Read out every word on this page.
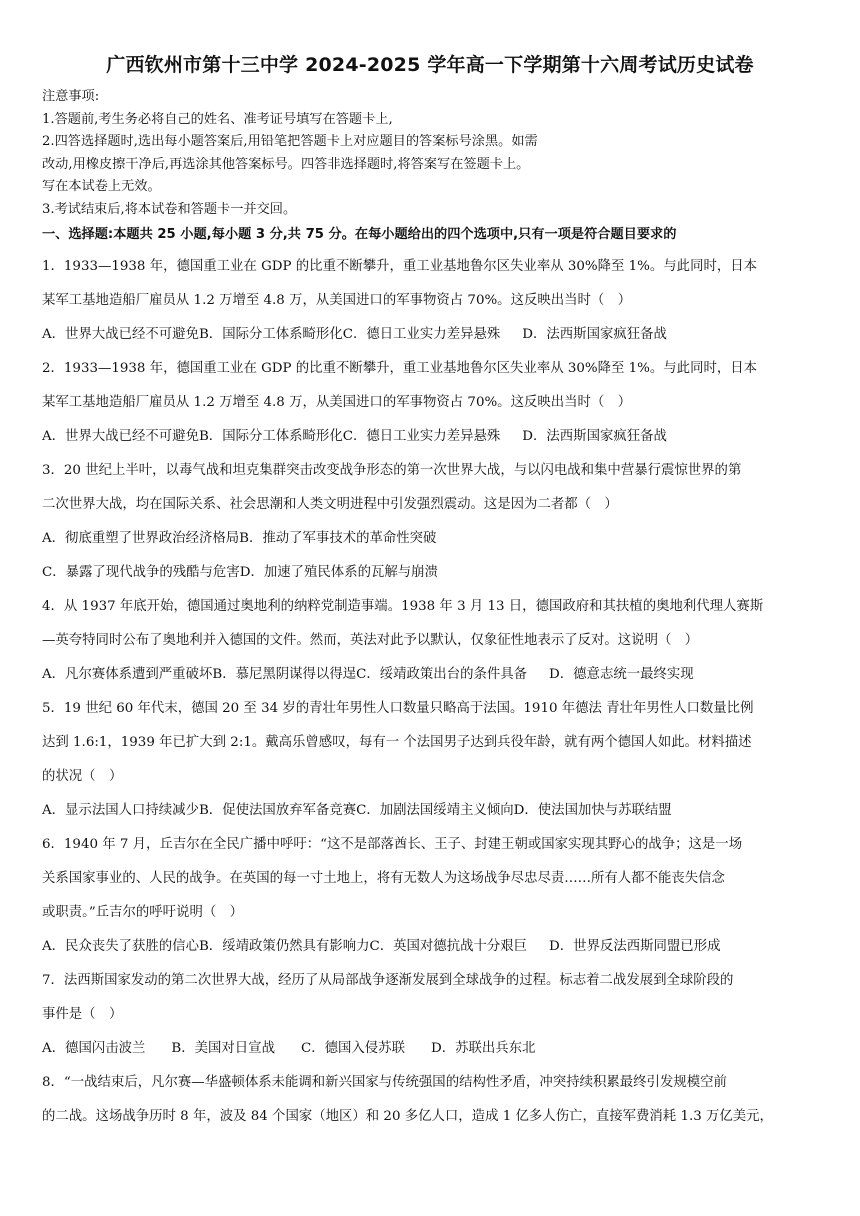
广西钦州市第十三中学 2024-2025 学年高一下学期第十六周考试历史试卷

注意事项:

1.答题前,考生务必将自己的姓名、准考证号填写在答题卡上,

2.四答选择题时,选出每小题答案后,用铅笔把答题卡上对应题目的答案标号涂黑。如需

改动,用橡皮擦干净后,再选涂其他答案标号。四答非选择题时,将答案写在签题卡上。

写在本试卷上无效。

3.考试结束后,将本试卷和答题卡一并交回。

一、选择题:本题共 25 小题,每小题 3 分,共 75 分。在每小题给出的四个选项中,只有一项是符合题目要求的

1．1933—1938 年，德国重工业在 GDP 的比重不断攀升，重工业基地鲁尔区失业率从 30%降至 1%。与此同时，日本

某军工基地造船厂雇员从 1.2 万增至 4.8 万，从美国进口的军事物资占 70%。这反映出当时（　）

A．世界大战已经不可避免B．国际分工体系畸形化C．德日工业实力差异悬殊 D．法西斯国家疯狂备战

2．1933—1938 年，德国重工业在 GDP 的比重不断攀升，重工业基地鲁尔区失业率从 30%降至 1%。与此同时，日本

某军工基地造船厂雇员从 1.2 万增至 4.8 万，从美国进口的军事物资占 70%。这反映出当时（　）

A．世界大战已经不可避免B．国际分工体系畸形化C．德日工业实力差异悬殊 D．法西斯国家疯狂备战

3．20 世纪上半叶，以毒气战和坦克集群突击改变战争形态的第一次世界大战，与以闪电战和集中营暴行震惊世界的第

二次世界大战，均在国际关系、社会思潮和人类文明进程中引发强烈震动。这是因为二者都（　）

A．彻底重塑了世界政治经济格局B．推动了军事技术的革命性突破

C．暴露了现代战争的残酷与危害D．加速了殖民体系的瓦解与崩溃

4．从 1937 年底开始，德国通过奥地利的纳粹党制造事端。1938 年 3 月 13 日，德国政府和其扶植的奥地利代理人赛斯

—英夸特同时公布了奥地利并入德国的文件。然而，英法对此予以默认，仅象征性地表示了反对。这说明（　）

A．凡尔赛体系遭到严重破坏B．慕尼黑阴谋得以得逞C．绥靖政策出台的条件具备 D．德意志统一最终实现

5．19 世纪 60 年代末，德国 20 至 34 岁的青壮年男性人口数量只略高于法国。1910 年德法 青壮年男性人口数量比例

达到 1.6:1，1939 年已扩大到 2:1。戴高乐曾感叹，每有一 个法国男子达到兵役年龄，就有两个德国人如此。材料描述

的状况（　）

A．显示法国人口持续减少B．促使法国放弃军备竞赛C．加剧法国绥靖主义倾向D．使法国加快与苏联结盟

6．1940 年 7 月，丘吉尔在全民广播中呼吁：“这不是部落酋长、王子、封建王朝或国家实现其野心的战争；这是一场

关系国家事业的、人民的战争。在英国的每一寸土地上，将有无数人为这场战争尽忠尽责……所有人都不能丧失信念

或职责。”丘吉尔的呼吁说明（　）

A．民众丧失了获胜的信心B．绥靖政策仍然具有影响力C．英国对德抗战十分艰巨 D．世界反法西斯同盟已形成

7．法西斯国家发动的第二次世界大战，经历了从局部战争逐渐发展到全球战争的过程。标志着二战发展到全球阶段的

事件是（　）

A．德国闪击波兰 B．美国对日宣战 C．德国入侵苏联 D．苏联出兵东北

8．“一战结束后，凡尔赛—华盛顿体系未能调和新兴国家与传统强国的结构性矛盾，冲突持续积累最终引发规模空前

的二战。这场战争历时 8 年，波及 84 个国家（地区）和 20 多亿人口，造成 1 亿多人伤亡，直接军费消耗 1.3 万亿美元，
